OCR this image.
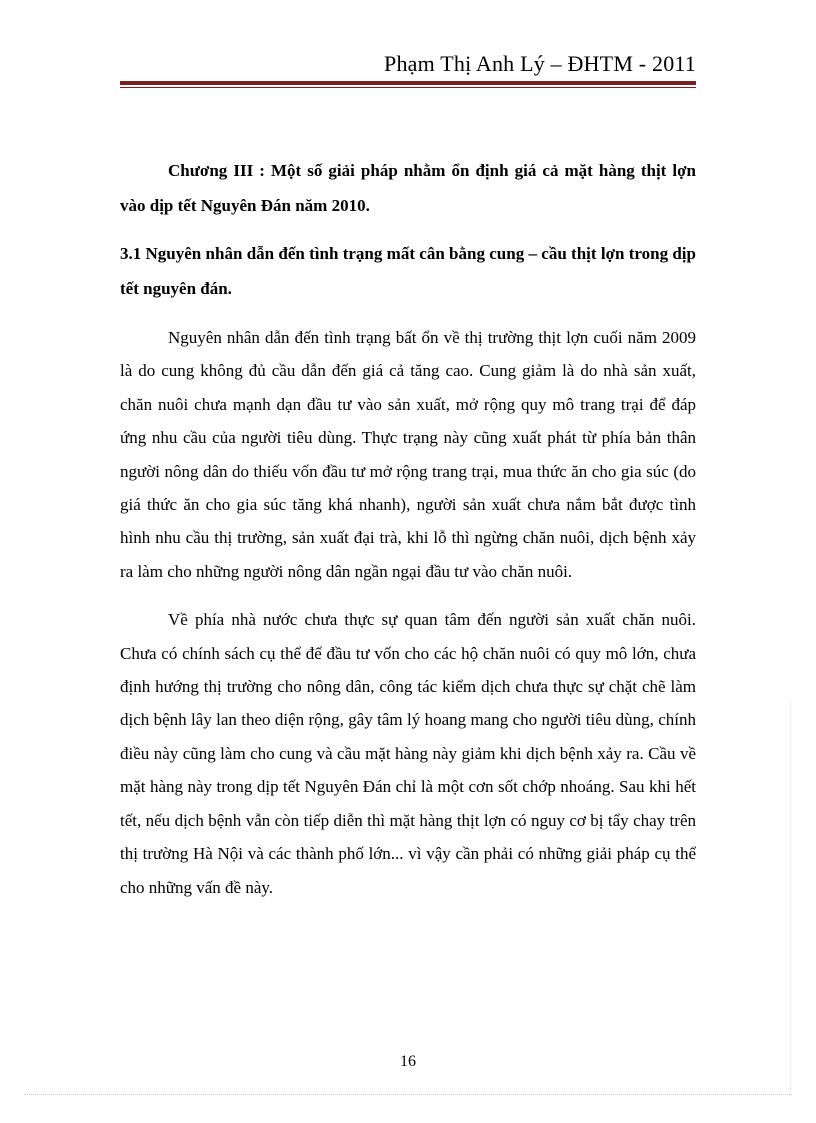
Phạm Thị Anh Lý – ĐHTM - 2011

Chương III : Một số giải pháp nhằm ổn định giá cả mặt hàng thịt lợn vào dịp tết Nguyên Đán năm 2010.

3.1 Nguyên nhân dẫn đến tình trạng mất cân bằng cung – cầu thịt lợn trong dịp tết nguyên đán.

Nguyên nhân dẫn đến tình trạng bất ổn về thị trường thịt lợn cuối năm 2009 là do cung không đủ cầu dẫn đến giá cả tăng cao. Cung giảm là do nhà sản xuất, chăn nuôi chưa mạnh dạn đầu tư vào sản xuất, mở rộng quy mô trang trại để đáp ứng nhu cầu của người tiêu dùng. Thực trạng này cũng xuất phát từ phía bản thân người nông dân do thiếu vốn đầu tư mở rộng trang trại, mua thức ăn cho gia súc (do giá thức ăn cho gia súc tăng khá nhanh), người sản xuất chưa nắm bắt được tình hình nhu cầu thị trường, sản xuất đại trà, khi lỗ thì ngừng chăn nuôi, dịch bệnh xảy ra làm cho những người nông dân ngần ngại đầu tư vào chăn nuôi.

Về phía nhà nước chưa thực sự quan tâm đến người sản xuất chăn nuôi. Chưa có chính sách cụ thể để đầu tư vốn cho các hộ chăn nuôi có quy mô lớn, chưa định hướng thị trường cho nông dân, công tác kiểm dịch chưa thực sự chặt chẽ làm dịch bệnh lây lan theo diện rộng, gây tâm lý hoang mang cho người tiêu dùng, chính điều này cũng làm cho cung và cầu mặt hàng này giảm khi dịch bệnh xảy ra. Cầu về mặt hàng này trong dịp tết Nguyên Đán chỉ là một cơn sốt chớp nhoáng. Sau khi hết tết, nếu dịch bệnh vẫn còn tiếp diễn thì mặt hàng thịt lợn có nguy cơ bị tẩy chay trên thị trường Hà Nội và các thành phố lớn... vì vậy cần phải có những giải pháp cụ thể cho những vấn đề này.

16
